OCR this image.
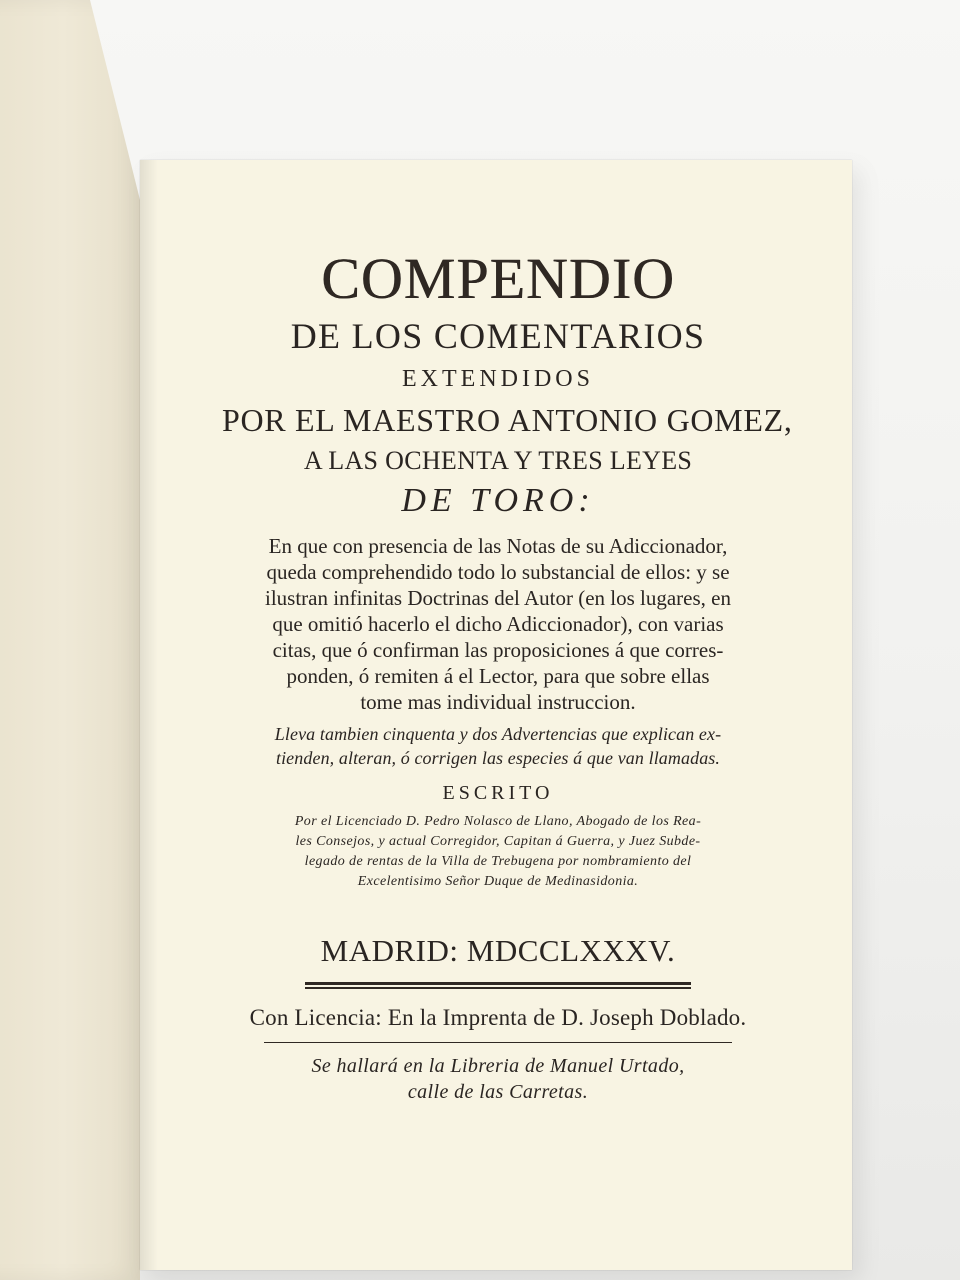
COMPENDIO
DE LOS COMENTARIOS
EXTENDIDOS
POR EL MAESTRO ANTONIO GOMEZ,
A LAS OCHENTA Y TRES LEYES
DE TORO:
En que con presencia de las Notas de su Adiccionador,
queda comprehendido todo lo substancial de ellos: y se
ilustran infinitas Doctrinas del Autor (en los lugares, en
que omitió hacerlo el dicho Adiccionador), con varias
citas, que ó confirman las proposiciones á que corres-
ponden, ó remiten á el Lector, para que sobre ellas
tome mas individual instruccion.
Lleva tambien cinquenta y dos Advertencias que explican ex-
tienden, alteran, ó corrigen las especies á que van llamadas.
ESCRITO
Por el Licenciado D. Pedro Nolasco de Llano, Abogado de los Rea-
les Consejos, y actual Corregidor, Capitan á Guerra, y Juez Subde-
legado de rentas de la Villa de Trebugena por nombramiento del
Excelentisimo Señor Duque de Medinasidonia.
MADRID: MDCCLXXXV.
Con Licencia: En la Imprenta de D. Joseph Doblado.
Se hallará en la Libreria de Manuel Urtado,
calle de las Carretas.
